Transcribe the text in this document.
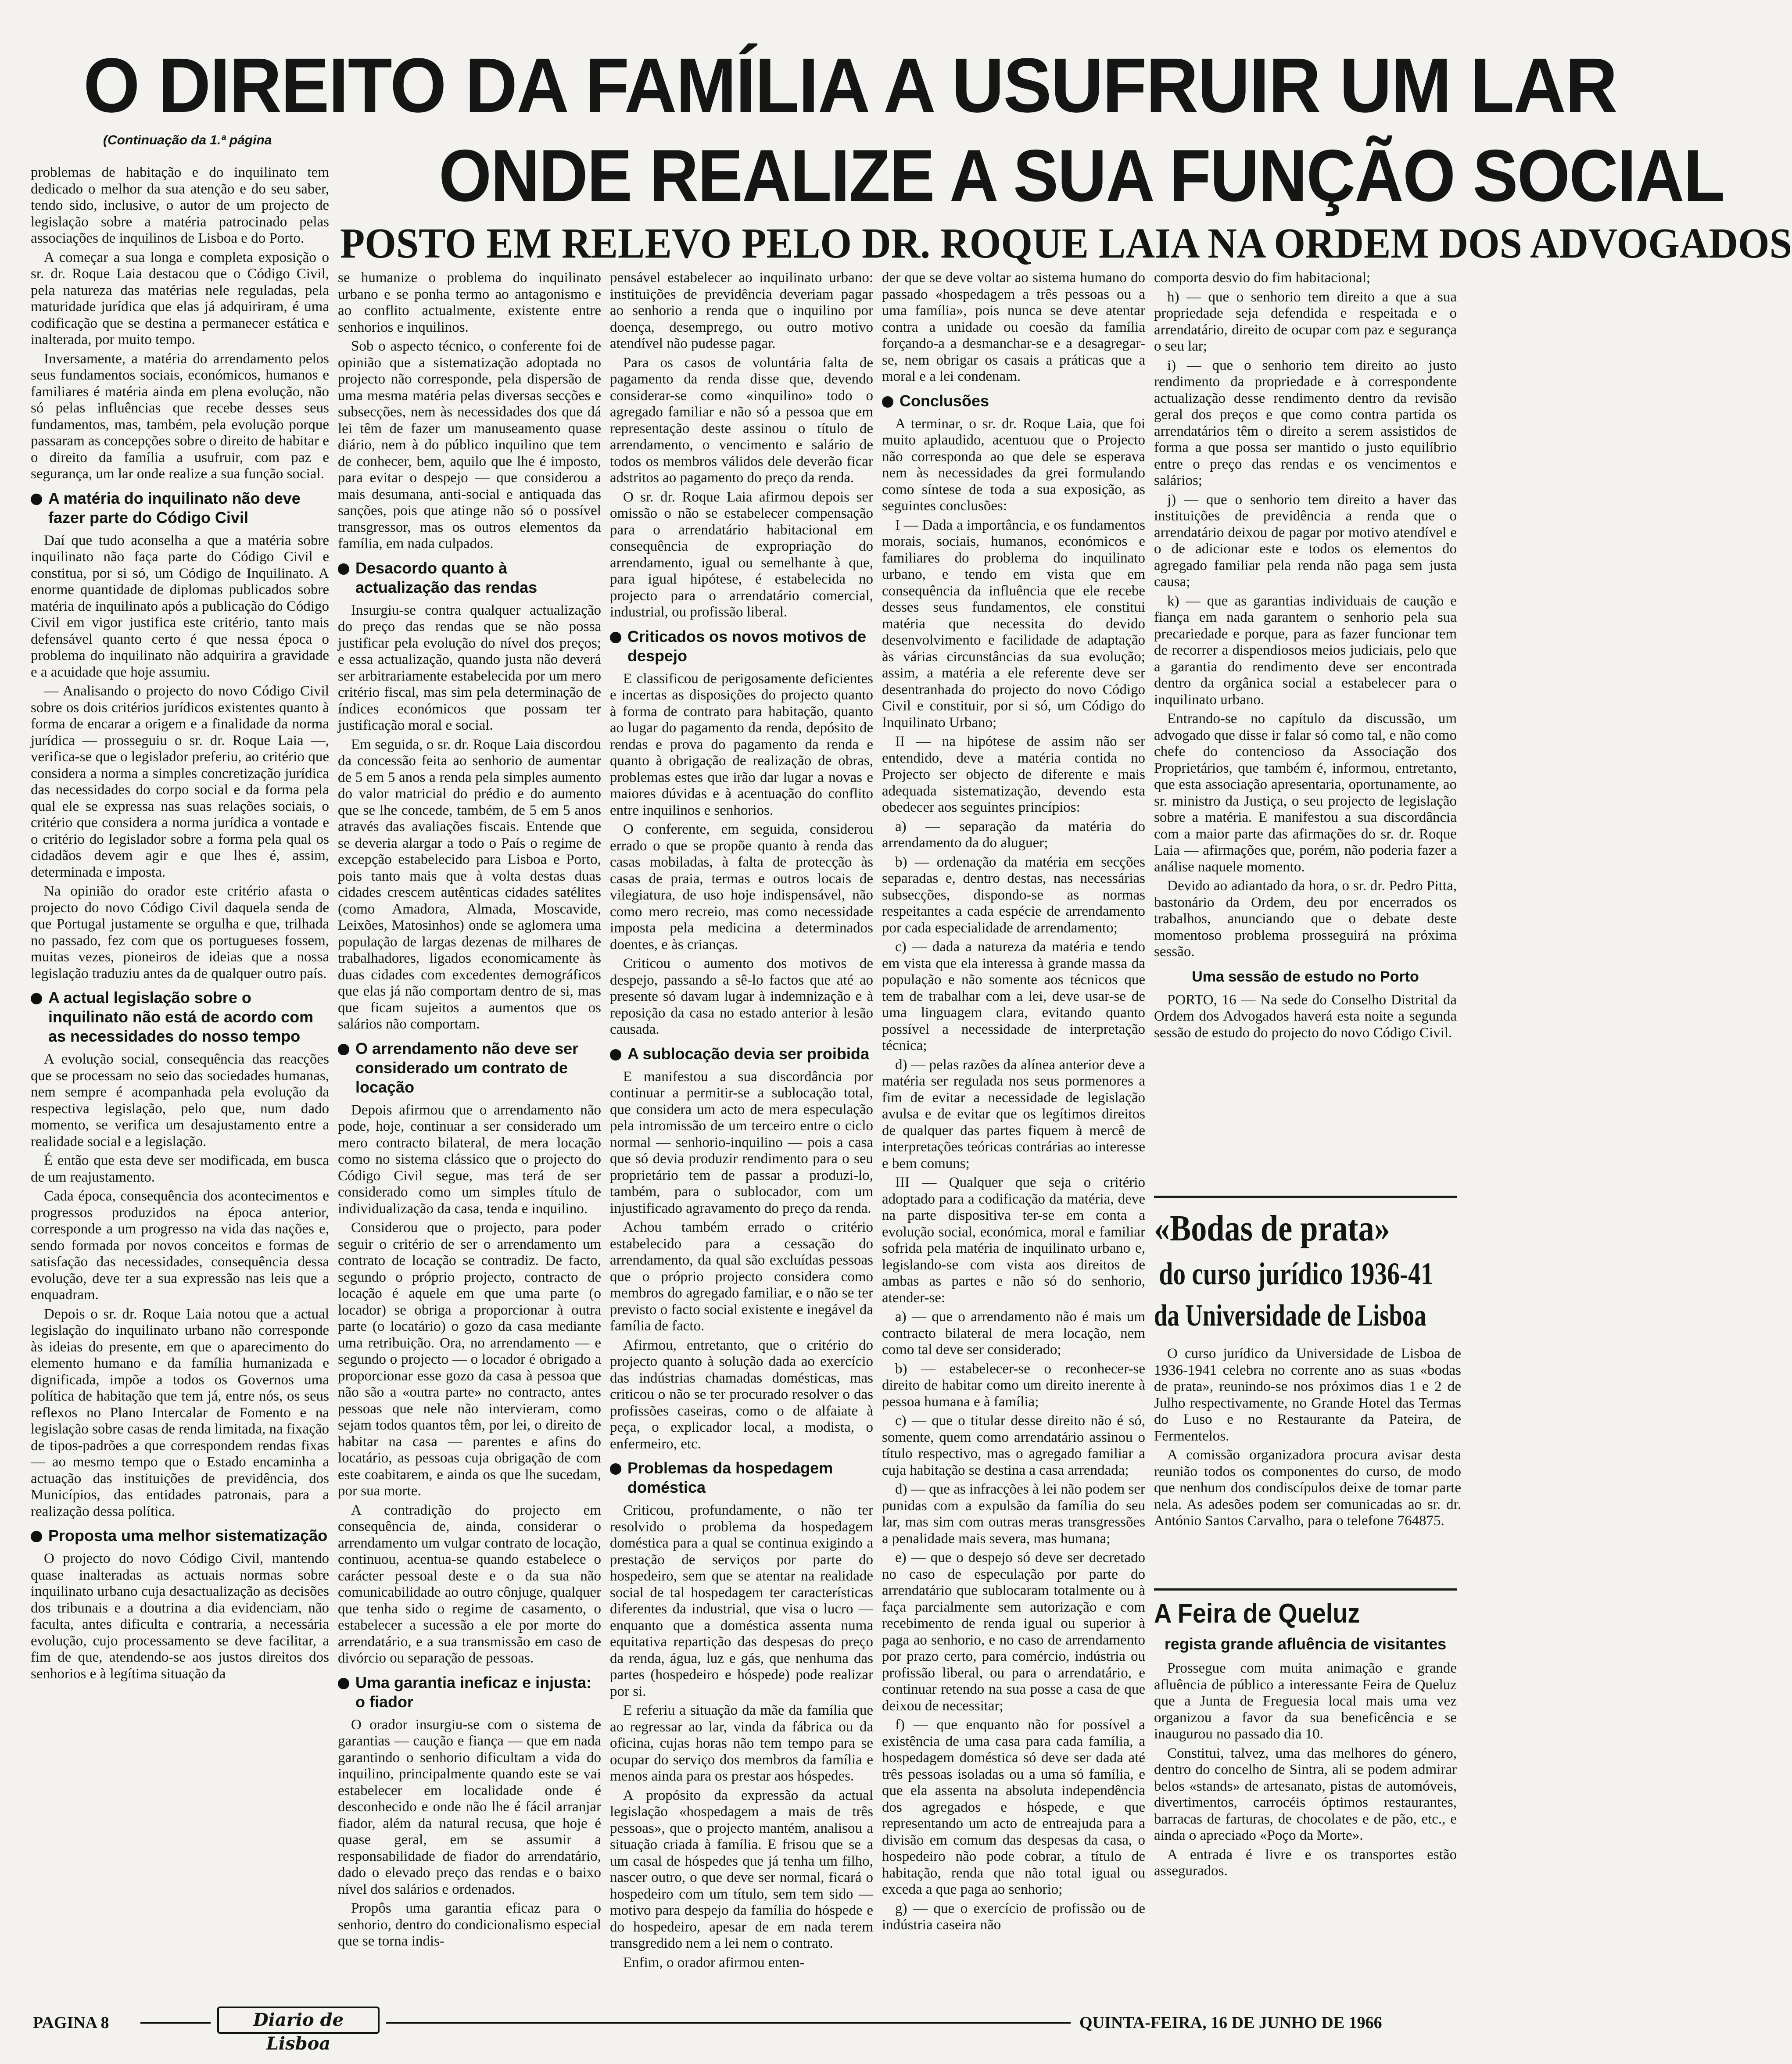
O DIREITO DA FAMÍLIA A USUFRUIR UM LAR
(Continuação da 1.ª página ONDE REALIZE A SUA FUNÇÃO SOCIAL
POSTO EM RELEVO PELO DR. ROQUE LAIA NA ORDEM DOS ADVOGADOS

problemas de habitação e do inquilinato tem dedicado o melhor da sua atenção e do seu saber, tendo sido, inclusive, o autor de um projecto de legislação sobre a matéria patrocinado pelas associações de inquilinos de Lisboa e do Porto.

A começar a sua longa e completa exposição o sr. dr. Roque Laia destacou que o Código Civil, pela natureza das matérias nele reguladas, pela maturidade jurídica que elas já adquiriram, é uma codificação que se destina a permanecer estática e inalterada, por muito tempo.

Inversamente, a matéria do arrendamento pelos seus fundamentos sociais, económicos, humanos e familiares é matéria ainda em plena evolução, não só pelas influências que recebe desses seus fundamentos, mas, também, pela evolução porque passaram as concepções sobre o direito de habitar e o direito da família a usufruir, com paz e segurança, um lar onde realize a sua função social.

A matéria do inquilinato não deve fazer parte do Código Civil

Daí que tudo aconselha a que a matéria sobre inquilinato não faça parte do Código Civil e constitua, por si só, um Código de Inquilinato. A enorme quantidade de diplomas publicados sobre matéria de inquilinato após a publicação do Código Civil em vigor justifica este critério, tanto mais defensável quanto certo é que nessa época o problema do inquilinato não adquirira a gravidade e a acuidade que hoje assumiu.

— Analisando o projecto do novo Código Civil sobre os dois critérios jurídicos existentes quanto à forma de encarar a origem e a finalidade da norma jurídica — prosseguiu o sr. dr. Roque Laia —, verifica-se que o legislador preferiu, ao critério que considera a norma a simples concretização jurídica das necessidades do corpo social e da forma pela qual ele se expressa nas suas relações sociais, o critério que considera a norma jurídica a vontade e o critério do legislador sobre a forma pela qual os cidadãos devem agir e que lhes é, assim, determinada e imposta.

Na opinião do orador este critério afasta o projecto do novo Código Civil daquela senda de que Portugal justamente se orgulha e que, trilhada no passado, fez com que os portugueses fossem, muitas vezes, pioneiros de ideias que a nossa legislação traduziu antes da de qualquer outro país.

A actual legislação sobre o inquilinato não está de acordo com as necessidades do nosso tempo

A evolução social, consequência das reacções que se processam no seio das sociedades humanas, nem sempre é acompanhada pela evolução da respectiva legislação, pelo que, num dado momento, se verifica um desajustamento entre a realidade social e a legislação.

É então que esta deve ser modificada, em busca de um reajustamento.

Cada época, consequência dos acontecimentos e progressos produzidos na época anterior, corresponde a um progresso na vida das nações e, sendo formada por novos conceitos e formas de satisfação das necessidades, consequência dessa evolução, deve ter a sua expressão nas leis que a enquadram.

Depois o sr. dr. Roque Laia notou que a actual legislação do inquilinato urbano não corresponde às ideias do presente, em que o aparecimento do elemento humano e da família humanizada e dignificada, impõe a todos os Governos uma política de habitação que tem já, entre nós, os seus reflexos no Plano Intercalar de Fomento e na legislação sobre casas de renda limitada, na fixação de tipos-padrões a que correspondem rendas fixas — ao mesmo tempo que o Estado encaminha a actuação das instituições de previdência, dos Municípios, das entidades patronais, para a realização dessa política.

Proposta uma melhor sistematização

O projecto do novo Código Civil, mantendo quase inalteradas as actuais normas sobre inquilinato urbano cuja desactualização as decisões dos tribunais e a doutrina a dia evidenciam, não faculta, antes dificulta e contraria, a necessária evolução, cujo processamento se deve facilitar, a fim de que, atendendo-se aos justos direitos dos senhorios e à legítima situação da

se humanize o problema do inquilinato urbano e se ponha termo ao antagonismo e ao conflito actualmente, existente entre senhorios e inquilinos.

Sob o aspecto técnico, o conferente foi de opinião que a sistematização adoptada no projecto não corresponde, pela dispersão de uma mesma matéria pelas diversas secções e subsecções, nem às necessidades dos que dá lei têm de fazer um manuseamento quase diário, nem à do público inquilino que tem de conhecer, bem, aquilo que lhe é imposto, para evitar o despejo — que considerou a mais desumana, anti-social e antiquada das sanções, pois que atinge não só o possível transgressor, mas os outros elementos da família, em nada culpados.

Desacordo quanto à actualização das rendas

Insurgiu-se contra qualquer actualização do preço das rendas que se não possa justificar pela evolução do nível dos preços; e essa actualização, quando justa não deverá ser arbitrariamente estabelecida por um mero critério fiscal, mas sim pela determinação de índices económicos que possam ter justificação moral e social.

Em seguida, o sr. dr. Roque Laia discordou da concessão feita ao senhorio de aumentar de 5 em 5 anos a renda pela simples aumento do valor matricial do prédio e do aumento que se lhe concede, também, de 5 em 5 anos através das avaliações fiscais. Entende que se deveria alargar a todo o País o regime de excepção estabelecido para Lisboa e Porto, pois tanto mais que à volta destas duas cidades crescem autênticas cidades satélites (como Amadora, Almada, Moscavide, Leixões, Matosinhos) onde se aglomera uma população de largas dezenas de milhares de trabalhadores, ligados economicamente às duas cidades com excedentes demográficos que elas já não comportam dentro de si, mas que ficam sujeitos a aumentos que os salários não comportam.

O arrendamento não deve ser considerado um contrato de locação

Depois afirmou que o arrendamento não pode, hoje, continuar a ser considerado um mero contracto bilateral, de mera locação como no sistema clássico que o projecto do Código Civil segue, mas terá de ser considerado como um simples título de individualização da casa, tenda e inquilino.

Considerou que o projecto, para poder seguir o critério de ser o arrendamento um contrato de locação se contradiz. De facto, segundo o próprio projecto, contracto de locação é aquele em que uma parte (o locador) se obriga a proporcionar à outra parte (o locatário) o gozo da casa mediante uma retribuição. Ora, no arrendamento — e segundo o projecto — o locador é obrigado a proporcionar esse gozo da casa à pessoa que não são a «outra parte» no contracto, antes pessoas que nele não intervieram, como sejam todos quantos têm, por lei, o direito de habitar na casa — parentes e afins do locatário, as pessoas cuja obrigação de com este coabitarem, e ainda os que lhe sucedam, por sua morte.

A contradição do projecto em consequência de, ainda, considerar o arrendamento um vulgar contrato de locação, continuou, acentua-se quando estabelece o carácter pessoal deste e o da sua não comunicabilidade ao outro cônjuge, qualquer que tenha sido o regime de casamento, o estabelecer a sucessão a ele por morte do arrendatário, e a sua transmissão em caso de divórcio ou separação de pessoas.

Uma garantia ineficaz e injusta: o fiador

O orador insurgiu-se com o sistema de garantias — caução e fiança — que em nada garantindo o senhorio dificultam a vida do inquilino, principalmente quando este se vai estabelecer em localidade onde é desconhecido e onde não lhe é fácil arranjar fiador, além da natural recusa, que hoje é quase geral, em se assumir a responsabilidade de fiador do arrendatário, dado o elevado preço das rendas e o baixo nível dos salários e ordenados.

Propôs uma garantia eficaz para o senhorio, dentro do condicionalismo especial que se torna indis-

pensável estabelecer ao inquilinato urbano: instituições de previdência deveriam pagar ao senhorio a renda que o inquilino por doença, desemprego, ou outro motivo atendível não pudesse pagar.

Para os casos de voluntária falta de pagamento da renda disse que, devendo considerar-se como «inquilino» todo o agregado familiar e não só a pessoa que em representação deste assinou o título de arrendamento, o vencimento e salário de todos os membros válidos dele deverão ficar adstritos ao pagamento do preço da renda.

O sr. dr. Roque Laia afirmou depois ser omissão o não se estabelecer compensação para o arrendatário habitacional em consequência de expropriação do arrendamento, igual ou semelhante à que, para igual hipótese, é estabelecida no projecto para o arrendatário comercial, industrial, ou profissão liberal.

Criticados os novos motivos de despejo

E classificou de perigosamente deficientes e incertas as disposições do projecto quanto à forma de contrato para habitação, quanto ao lugar do pagamento da renda, depósito de rendas e prova do pagamento da renda e quanto à obrigação de realização de obras, problemas estes que irão dar lugar a novas e maiores dúvidas e à acentuação do conflito entre inquilinos e senhorios.

O conferente, em seguida, considerou errado o que se propõe quanto à renda das casas mobiladas, à falta de protecção às casas de praia, termas e outros locais de vilegiatura, de uso hoje indispensável, não como mero recreio, mas como necessidade imposta pela medicina a determinados doentes, e às crianças.

Criticou o aumento dos motivos de despejo, passando a sê-lo factos que até ao presente só davam lugar à indemnização e à reposição da casa no estado anterior à lesão causada.

A sublocação devia ser proibida

E manifestou a sua discordância por continuar a permitir-se a sublocação total, que considera um acto de mera especulação pela intromissão de um terceiro entre o ciclo normal — senhorio-inquilino — pois a casa que só devia produzir rendimento para o seu proprietário tem de passar a produzi-lo, também, para o sublocador, com um injustificado agravamento do preço da renda.

Achou também errado o critério estabelecido para a cessação do arrendamento, da qual são excluídas pessoas que o próprio projecto considera como membros do agregado familiar, e o não se ter previsto o facto social existente e inegável da família de facto.

Afirmou, entretanto, que o critério do projecto quanto à solução dada ao exercício das indústrias chamadas domésticas, mas criticou o não se ter procurado resolver o das profissões caseiras, como o de alfaiate à peça, o explicador local, a modista, o enfermeiro, etc.

Problemas da hospedagem doméstica

Criticou, profundamente, o não ter resolvido o problema da hospedagem doméstica para a qual se continua exigindo a prestação de serviços por parte do hospedeiro, sem que se atentar na realidade social de tal hospedagem ter características diferentes da industrial, que visa o lucro — enquanto que a doméstica assenta numa equitativa repartição das despesas do preço da renda, água, luz e gás, que nenhuma das partes (hospedeiro e hóspede) pode realizar por si.

E referiu a situação da mãe da família que ao regressar ao lar, vinda da fábrica ou da oficina, cujas horas não tem tempo para se ocupar do serviço dos membros da família e menos ainda para os prestar aos hóspedes.

A propósito da expressão da actual legislação «hospedagem a mais de três pessoas», que o projecto mantém, analisou a situação criada à família. E frisou que se a um casal de hóspedes que já tenha um filho, nascer outro, o que deve ser normal, ficará o hospedeiro com um título, sem tem sido — motivo para despejo da família do hóspede e do hospedeiro, apesar de em nada terem transgredido nem a lei nem o contrato.

Enfim, o orador afirmou enten-

der que se deve voltar ao sistema humano do passado «hospedagem a três pessoas ou a uma família», pois nunca se deve atentar contra a unidade ou coesão da família forçando-a a desmanchar-se e a desagregar-se, nem obrigar os casais a práticas que a moral e a lei condenam.

Conclusões

A terminar, o sr. dr. Roque Laia, que foi muito aplaudido, acentuou que o Projecto não corresponda ao que dele se esperava nem às necessidades da grei formulando como síntese de toda a sua exposição, as seguintes conclusões:

I — Dada a importância, e os fundamentos morais, sociais, humanos, económicos e familiares do problema do inquilinato urbano, e tendo em vista que em consequência da influência que ele recebe desses seus fundamentos, ele constitui matéria que necessita do devido desenvolvimento e facilidade de adaptação às várias circunstâncias da sua evolução; assim, a matéria a ele referente deve ser desentranhada do projecto do novo Código Civil e constituir, por si só, um Código do Inquilinato Urbano;

II — na hipótese de assim não ser entendido, deve a matéria contida no Projecto ser objecto de diferente e mais adequada sistematização, devendo esta obedecer aos seguintes princípios:

a) — separação da matéria do arrendamento da do aluguer;

b) — ordenação da matéria em secções separadas e, dentro destas, nas necessárias subsecções, dispondo-se as normas respeitantes a cada espécie de arrendamento por cada especialidade de arrendamento;

c) — dada a natureza da matéria e tendo em vista que ela interessa à grande massa da população e não somente aos técnicos que tem de trabalhar com a lei, deve usar-se de uma linguagem clara, evitando quanto possível a necessidade de interpretação técnica;

d) — pelas razões da alínea anterior deve a matéria ser regulada nos seus pormenores a fim de evitar a necessidade de legislação avulsa e de evitar que os legítimos direitos de qualquer das partes fiquem à mercê de interpretações teóricas contrárias ao interesse e bem comuns;

III — Qualquer que seja o critério adoptado para a codificação da matéria, deve na parte dispositiva ter-se em conta a evolução social, económica, moral e familiar sofrida pela matéria de inquilinato urbano e, legislando-se com vista aos direitos de ambas as partes e não só do senhorio, atender-se:

a) — que o arrendamento não é mais um contracto bilateral de mera locação, nem como tal deve ser considerado;

b) — estabelecer-se o reconhecer-se direito de habitar como um direito inerente à pessoa humana e à família;

c) — que o titular desse direito não é só, somente, quem como arrendatário assinou o título respectivo, mas o agregado familiar a cuja habitação se destina a casa arrendada;

d) — que as infracções à lei não podem ser punidas com a expulsão da família do seu lar, mas sim com outras meras transgressões a penalidade mais severa, mas humana;

e) — que o despejo só deve ser decretado no caso de especulação por parte do arrendatário que sublocaram totalmente ou à faça parcialmente sem autorização e com recebimento de renda igual ou superior à paga ao senhorio, e no caso de arrendamento por prazo certo, para comércio, indústria ou profissão liberal, ou para o arrendatário, e continuar retendo na sua posse a casa de que deixou de necessitar;

f) — que enquanto não for possível a existência de uma casa para cada família, a hospedagem doméstica só deve ser dada até três pessoas isoladas ou a uma só família, e que ela assenta na absoluta independência dos agregados e hóspede, e que representando um acto de entreajuda para a divisão em comum das despesas da casa, o hospedeiro não pode cobrar, a título de habitação, renda que não total igual ou exceda a que paga ao senhorio;

g) — que o exercício de profissão ou de indústria caseira não

comporta desvio do fim habitacional;

h) — que o senhorio tem direito a que a sua propriedade seja defendida e respeitada e o arrendatário, direito de ocupar com paz e segurança o seu lar;

i) — que o senhorio tem direito ao justo rendimento da propriedade e à correspondente actualização desse rendimento dentro da revisão geral dos preços e que como contra partida os arrendatários têm o direito a serem assistidos de forma a que possa ser mantido o justo equilíbrio entre o preço das rendas e os vencimentos e salários;

j) — que o senhorio tem direito a haver das instituições de previdência a renda que o arrendatário deixou de pagar por motivo atendível e o de adicionar este e todos os elementos do agregado familiar pela renda não paga sem justa causa;

k) — que as garantias individuais de caução e fiança em nada garantem o senhorio pela sua precariedade e porque, para as fazer funcionar tem de recorrer a dispendiosos meios judiciais, pelo que a garantia do rendimento deve ser encontrada dentro da orgânica social a estabelecer para o inquilinato urbano.

Entrando-se no capítulo da discussão, um advogado que disse ir falar só como tal, e não como chefe do contencioso da Associação dos Proprietários, que também é, informou, entretanto, que esta associação apresentaria, oportunamente, ao sr. ministro da Justiça, o seu projecto de legislação sobre a matéria. E manifestou a sua discordância com a maior parte das afirmações do sr. dr. Roque Laia — afirmações que, porém, não poderia fazer a análise naquele momento.

Devido ao adiantado da hora, o sr. dr. Pedro Pitta, bastonário da Ordem, deu por encerrados os trabalhos, anunciando que o debate deste momentoso problema prosseguirá na próxima sessão.

Uma sessão de estudo no Porto

PORTO, 16 — Na sede do Conselho Distrital da Ordem dos Advogados haverá esta noite a segunda sessão de estudo do projecto do novo Código Civil.

«Bodas de prata»
do curso jurídico 1936-41
da Universidade de Lisboa

O curso jurídico da Universidade de Lisboa de 1936-1941 celebra no corrente ano as suas «bodas de prata», reunindo-se nos próximos dias 1 e 2 de Julho respectivamente, no Grande Hotel das Termas do Luso e no Restaurante da Pateira, de Fermentelos.

A comissão organizadora procura avisar desta reunião todos os componentes do curso, de modo que nenhum dos condiscípulos deixe de tomar parte nela. As adesões podem ser comunicadas ao sr. dr. António Santos Carvalho, para o telefone 764875.

A Feira de Queluz
regista grande afluência de visitantes

Prossegue com muita animação e grande afluência de público a interessante Feira de Queluz que a Junta de Freguesia local mais uma vez organizou a favor da sua beneficência e se inaugurou no passado dia 10.

Constitui, talvez, uma das melhores do género, dentro do concelho de Sintra, ali se podem admirar belos «stands» de artesanato, pistas de automóveis, divertimentos, carrocéis óptimos restaurantes, barracas de farturas, de chocolates e de pão, etc., e ainda o apreciado «Poço da Morte».

A entrada é livre e os transportes estão assegurados.

PAGINA 8	Diario de Lisboa
QUINTA-FEIRA, 16 DE JUNHO DE 1966
